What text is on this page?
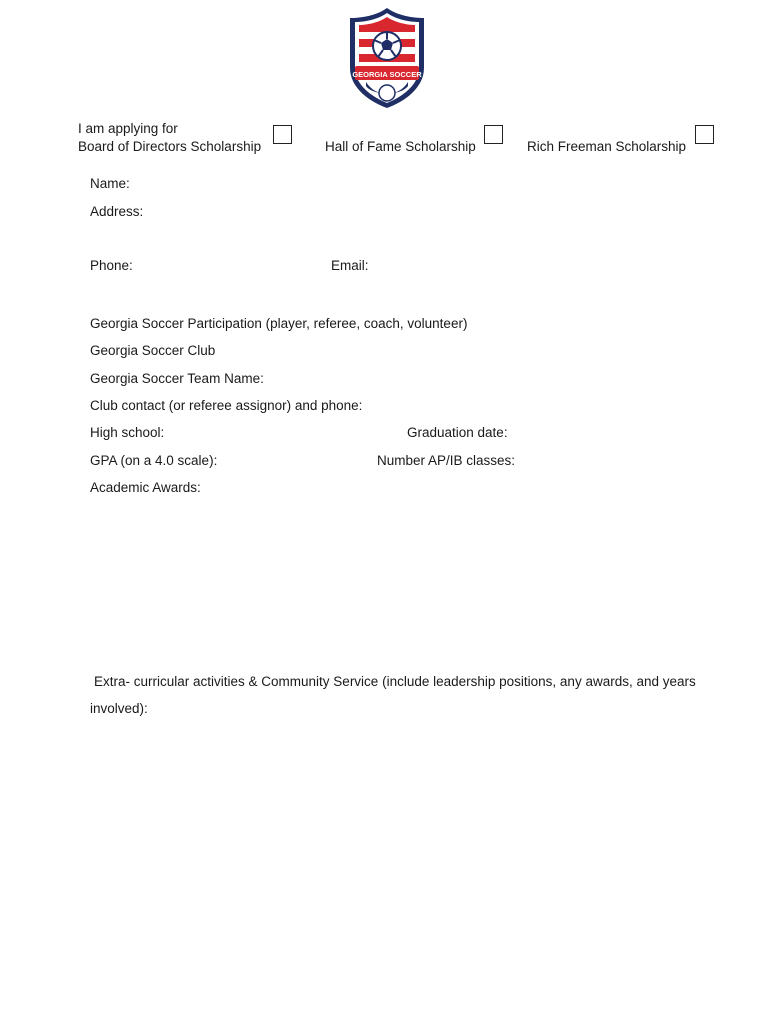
GEORGIA SOCCER
I am applying for
Board of Directors Scholarship	Hall of Fame Scholarship	Rich Freeman Scholarship
Name:
Address:
Phone:	Email:
Georgia Soccer Participation (player, referee, coach, volunteer)
Georgia Soccer Club
Georgia Soccer Team Name:
Club contact (or referee assignor) and phone:
High school:	Graduation date:
GPA (on a 4.0 scale):	Number AP/IB classes:
Academic Awards:
Extra- curricular activities & Community Service (include leadership positions, any awards, and years
involved):
